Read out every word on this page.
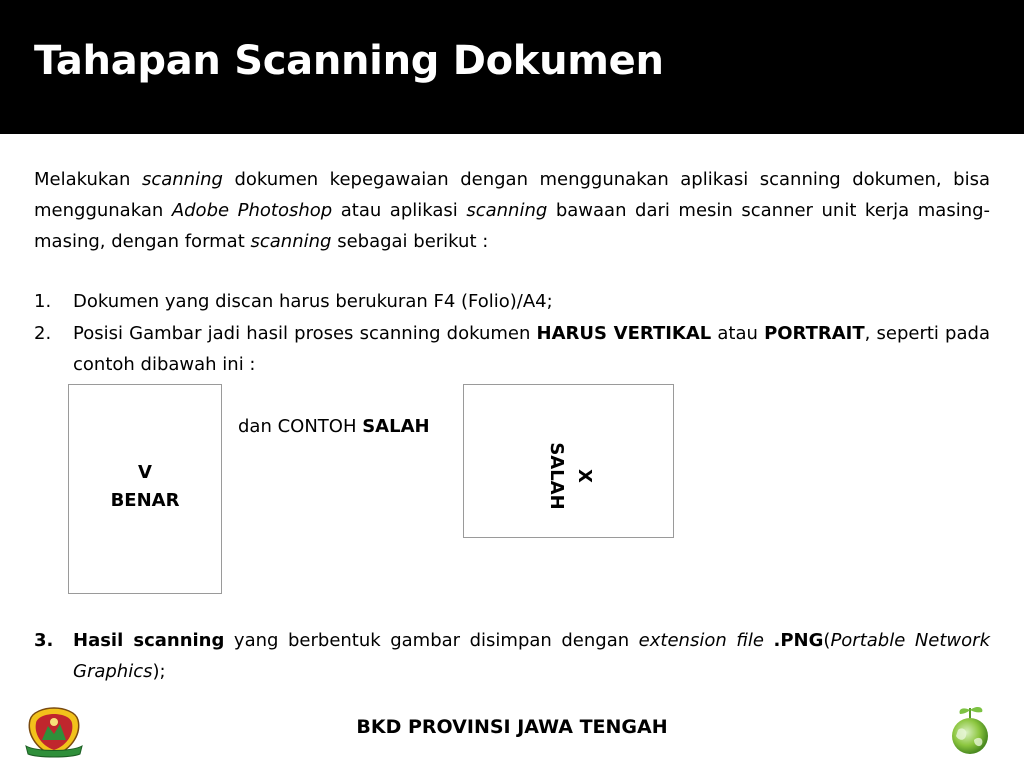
Tahapan Scanning Dokumen
Melakukan scanning dokumen kepegawaian dengan menggunakan aplikasi scanning dokumen, bisa menggunakan Adobe Photoshop atau aplikasi scanning bawaan dari mesin scanner unit kerja masing-masing, dengan format scanning sebagai berikut :
1.	Dokumen yang discan harus berukuran F4 (Folio)/A4;
2.	Posisi Gambar jadi hasil proses scanning dokumen HARUS VERTIKAL atau PORTRAIT, seperti pada contoh dibawah ini :
V
BENAR
dan CONTOH SALAH
X
SALAH
3.	Hasil scanning yang berbentuk gambar disimpan dengan extension file .PNG(Portable Network Graphics);
BKD PROVINSI JAWA TENGAH
